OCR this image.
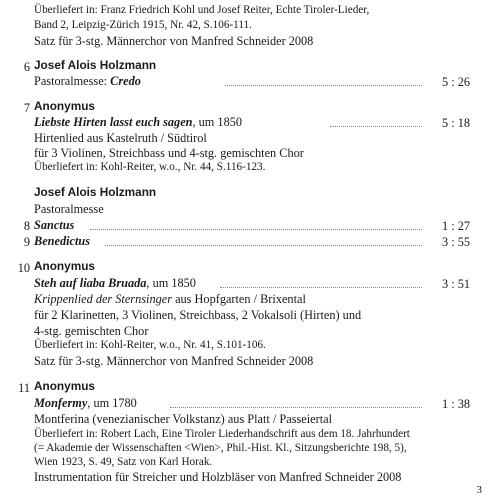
Überliefert in: Franz Friedrich Kohl und Josef Reiter, Echte Tiroler-Lieder,
Band 2, Leipzig-Zürich 1915, Nr. 42, S.106-111.
Satz für 3-stg. Männerchor von Manfred Schneider 2008
6 Josef Alois Holzmann
Pastoralmesse: Credo	5 : 26
7 Anonymus
Liebste Hirten lasst euch sagen, um 1850	5 : 18
Hirtenlied aus Kastelruth / Südtirol
für 3 Violinen, Streichbass und 4-stg. gemischten Chor
Überliefert in: Kohl-Reiter, w.o., Nr. 44, S.116-123.
Josef Alois Holzmann
Pastoralmesse
8 Sanctus	1 : 27
9 Benedictus	3 : 55
10 Anonymus
Steh auf liaba Bruada, um 1850	3 : 51
Krippenlied der Sternsinger aus Hopfgarten / Brixental
für 2 Klarinetten, 3 Violinen, Streichbass, 2 Vokalsoli (Hirten) und
4-stg. gemischten Chor
Überliefert in: Kohl-Reiter, w.o., Nr. 41, S.101-106.
Satz für 3-stg. Männerchor von Manfred Schneider 2008
11 Anonymus
Monfermy, um 1780	1 : 38
Montferina (venezianischer Volkstanz) aus Platt / Passeiertal
Überliefert in: Robert Lach, Eine Tiroler Liederhandschrift aus dem 18. Jahrhundert
(= Akademie der Wissenschaften <Wien>, Phil.-Hist. Kl., Sitzungsberichte 198, 5),
Wien 1923, S. 49, Satz von Karl Horak.
Instrumentation für Streicher und Holzbläser von Manfred Schneider 2008
3
